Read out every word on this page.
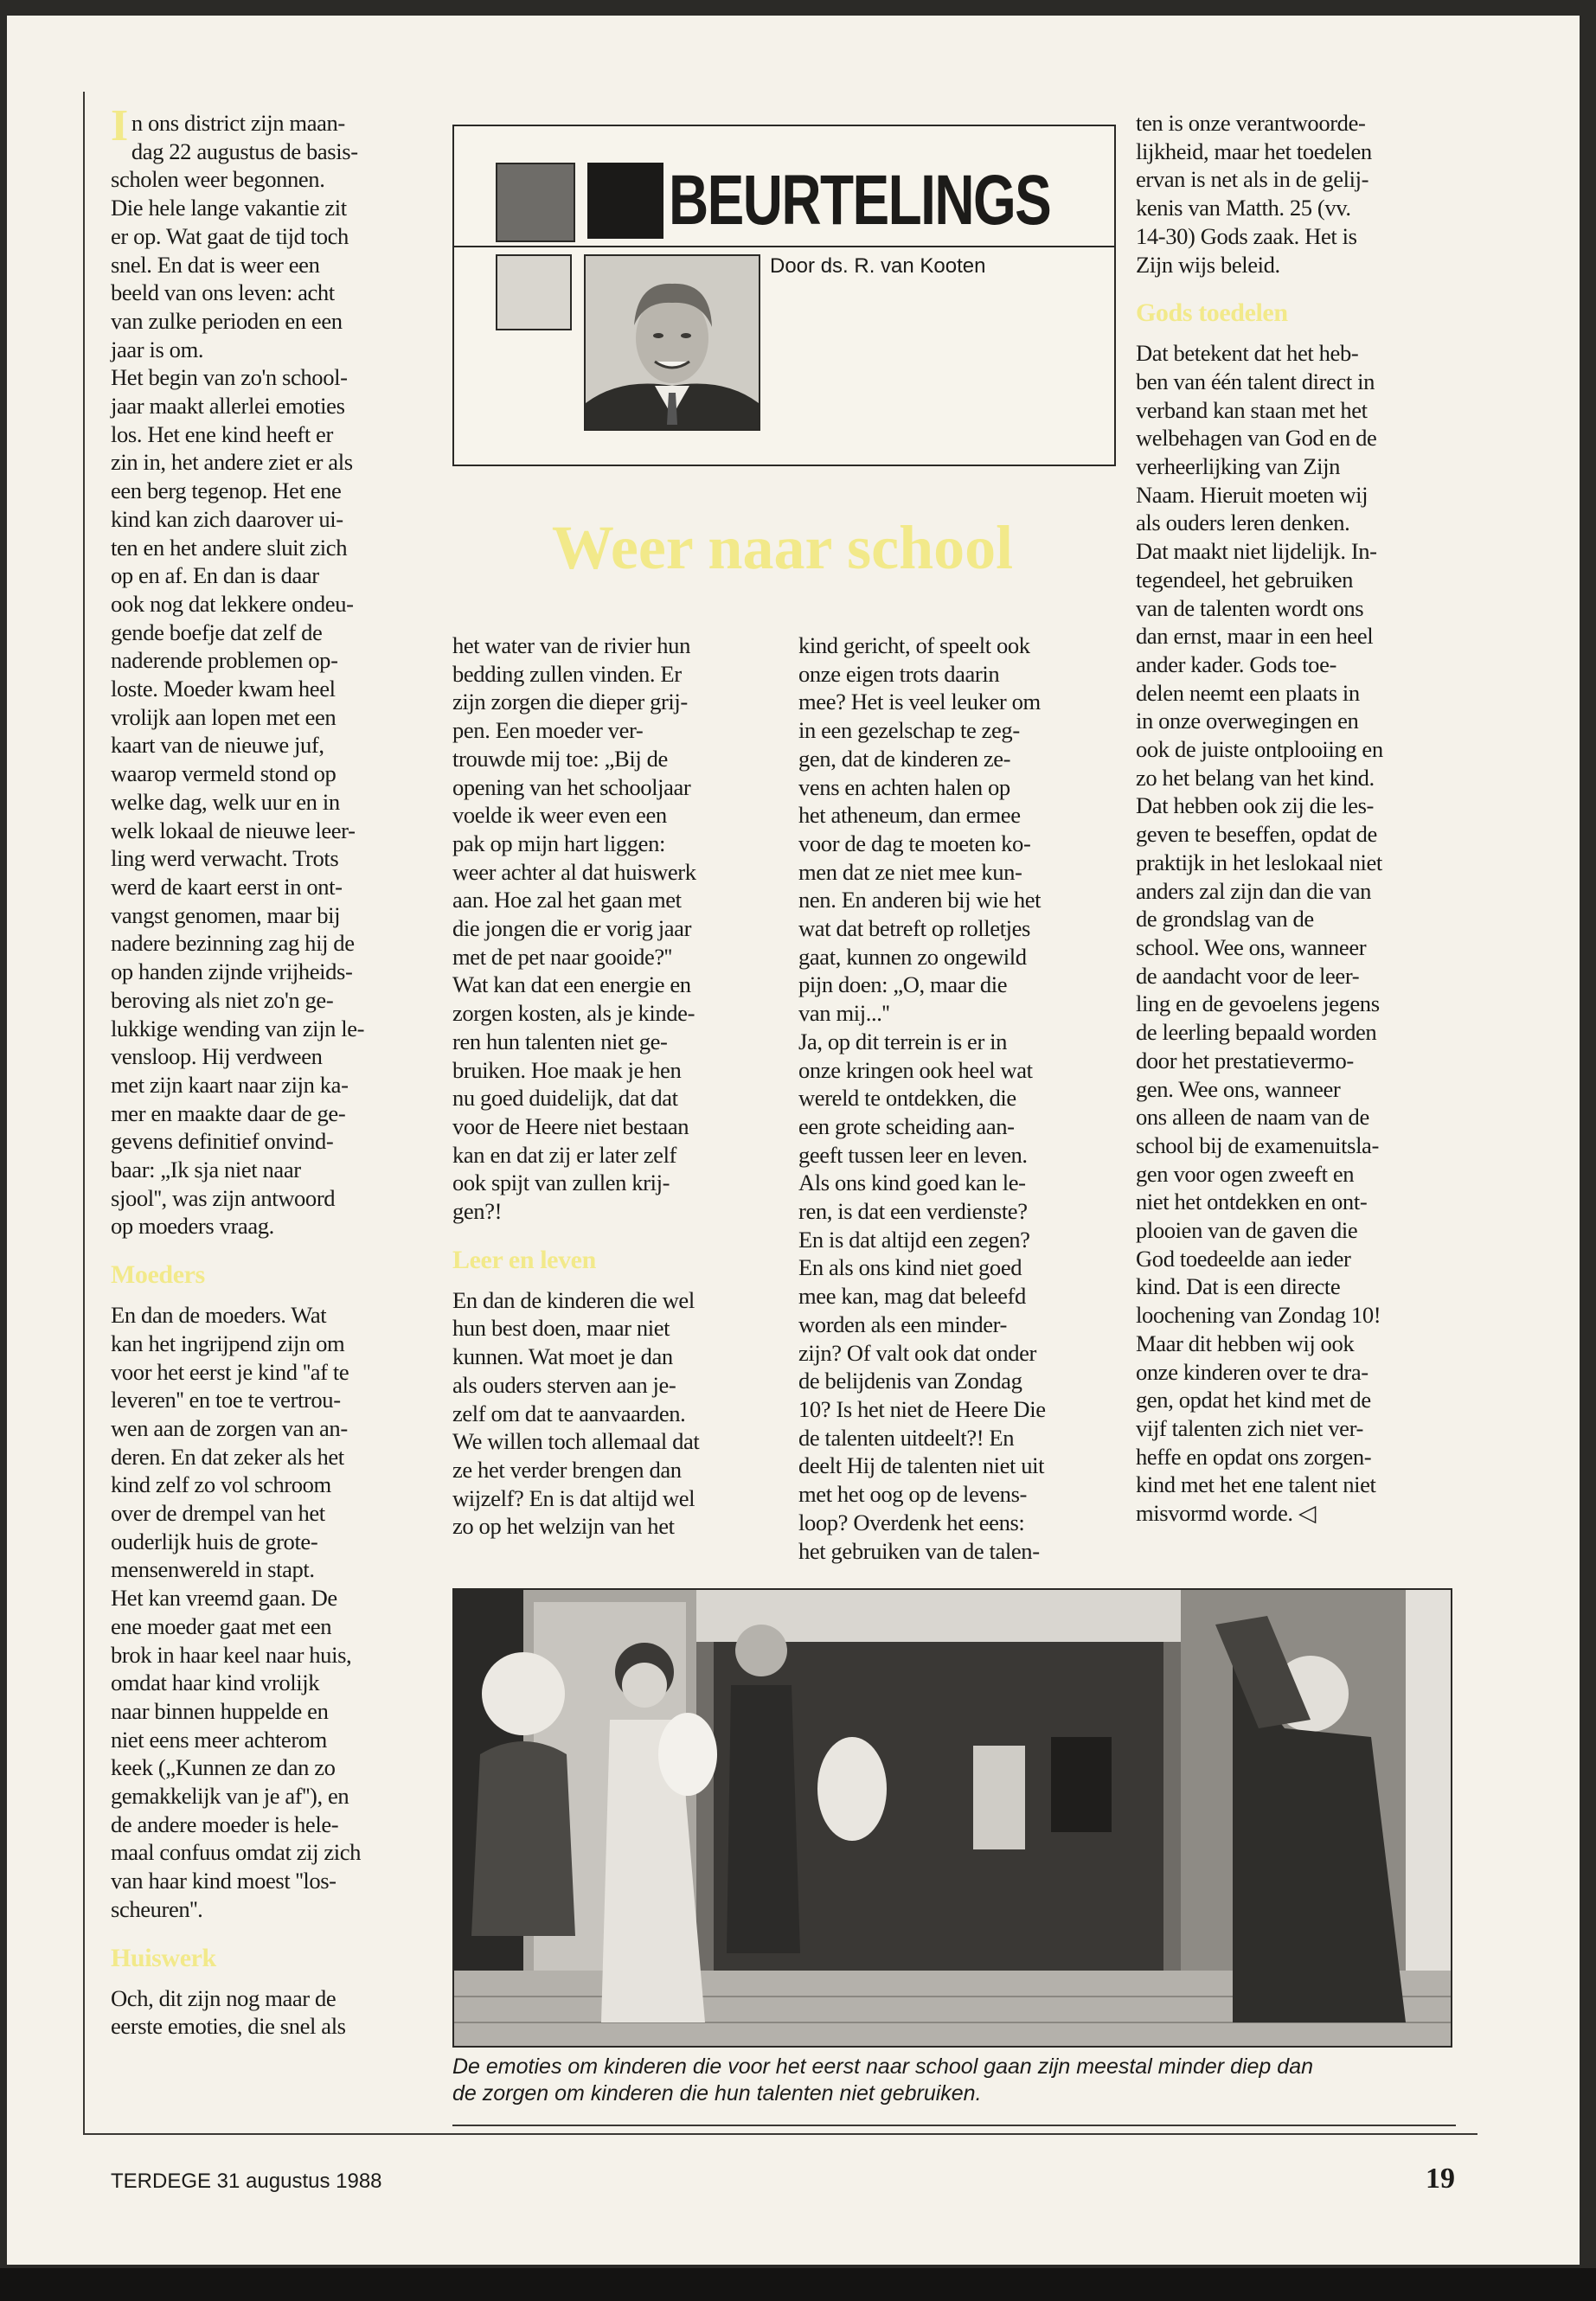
In ons district zijn maan-
dag 22 augustus de basis-
scholen weer begonnen.
Die hele lange vakantie zit
er op. Wat gaat de tijd toch
snel. En dat is weer een
beeld van ons leven: acht
van zulke perioden en een
jaar is om.
Het begin van zo'n school-
jaar maakt allerlei emoties
los. Het ene kind heeft er
zin in, het andere ziet er als
een berg tegenop. Het ene
kind kan zich daarover ui-
ten en het andere sluit zich
op en af. En dan is daar
ook nog dat lekkere ondeu-
gende boefje dat zelf de
naderende problemen op-
loste. Moeder kwam heel
vrolijk aan lopen met een
kaart van de nieuwe juf,
waarop vermeld stond op
welke dag, welk uur en in
welk lokaal de nieuwe leer-
ling werd verwacht. Trots
werd de kaart eerst in ont-
vangst genomen, maar bij
nadere bezinning zag hij de
op handen zijnde vrijheids-
beroving als niet zo'n ge-
lukkige wending van zijn le-
vensloop. Hij verdween
met zijn kaart naar zijn ka-
mer en maakte daar de ge-
gevens definitief onvind-
baar: „Ik sja niet naar
sjool'', was zijn antwoord
op moeders vraag.

Moeders

En dan de moeders. Wat
kan het ingrijpend zijn om
voor het eerst je kind ''af te
leveren'' en toe te vertrou-
wen aan de zorgen van an-
deren. En dat zeker als het
kind zelf zo vol schroom
over de drempel van het
ouderlijk huis de grote-
mensenwereld in stapt.
Het kan vreemd gaan. De
ene moeder gaat met een
brok in haar keel naar huis,
omdat haar kind vrolijk
naar binnen huppelde en
niet eens meer achterom
keek („Kunnen ze dan zo
gemakkelijk van je af''), en
de andere moeder is hele-
maal confuus omdat zij zich
van haar kind moest ''los-
scheuren''.

Huiswerk

Och, dit zijn nog maar de
eerste emoties, die snel als

BEURTELINGS
Door ds. R. van Kooten
Weer naar school

het water van de rivier hun
bedding zullen vinden. Er
zijn zorgen die dieper grij-
pen. Een moeder ver-
trouwde mij toe: „Bij de
opening van het schooljaar
voelde ik weer even een
pak op mijn hart liggen:
weer achter al dat huiswerk
aan. Hoe zal het gaan met
die jongen die er vorig jaar
met de pet naar gooide?''
Wat kan dat een energie en
zorgen kosten, als je kinde-
ren hun talenten niet ge-
bruiken. Hoe maak je hen
nu goed duidelijk, dat dat
voor de Heere niet bestaan
kan en dat zij er later zelf
ook spijt van zullen krij-
gen?!

Leer en leven

En dan de kinderen die wel
hun best doen, maar niet
kunnen. Wat moet je dan
als ouders sterven aan je-
zelf om dat te aanvaarden.
We willen toch allemaal dat
ze het verder brengen dan
wijzelf? En is dat altijd wel
zo op het welzijn van het

kind gericht, of speelt ook
onze eigen trots daarin
mee? Het is veel leuker om
in een gezelschap te zeg-
gen, dat de kinderen ze-
vens en achten halen op
het atheneum, dan ermee
voor de dag te moeten ko-
men dat ze niet mee kun-
nen. En anderen bij wie het
wat dat betreft op rolletjes
gaat, kunnen zo ongewild
pijn doen: „O, maar die
van mij...''
Ja, op dit terrein is er in
onze kringen ook heel wat
wereld te ontdekken, die
een grote scheiding aan-
geeft tussen leer en leven.
Als ons kind goed kan le-
ren, is dat een verdienste?
En is dat altijd een zegen?
En als ons kind niet goed
mee kan, mag dat beleefd
worden als een minder-
zijn? Of valt ook dat onder
de belijdenis van Zondag
10? Is het niet de Heere Die
de talenten uitdeelt?! En
deelt Hij de talenten niet uit
met het oog op de levens-
loop? Overdenk het eens:
het gebruiken van de talen-

ten is onze verantwoorde-
lijkheid, maar het toedelen
ervan is net als in de gelij-
kenis van Matth. 25 (vv.
14-30) Gods zaak. Het is
Zijn wijs beleid.

Gods toedelen

Dat betekent dat het heb-
ben van één talent direct in
verband kan staan met het
welbehagen van God en de
verheerlijking van Zijn
Naam. Hieruit moeten wij
als ouders leren denken.
Dat maakt niet lijdelijk. In-
tegendeel, het gebruiken
van de talenten wordt ons
dan ernst, maar in een heel
ander kader. Gods toe-
delen neemt een plaats in
in onze overwegingen en
ook de juiste ontplooiing en
zo het belang van het kind.
Dat hebben ook zij die les-
geven te beseffen, opdat de
praktijk in het leslokaal niet
anders zal zijn dan die van
de grondslag van de
school. Wee ons, wanneer
de aandacht voor de leer-
ling en de gevoelens jegens
de leerling bepaald worden
door het prestatievermo-
gen. Wee ons, wanneer
ons alleen de naam van de
school bij de examenuitsla-
gen voor ogen zweeft en
niet het ontdekken en ont-
plooien van de gaven die
God toedeelde aan ieder
kind. Dat is een directe
loochening van Zondag 10!
Maar dit hebben wij ook
onze kinderen over te dra-
gen, opdat het kind met de
vijf talenten zich niet ver-
heffe en opdat ons zorgen-
kind met het ene talent niet
misvormd worde. ◁

De emoties om kinderen die voor het eerst naar school gaan zijn meestal minder diep dan
de zorgen om kinderen die hun talenten niet gebruiken.
TERDEGE 31 augustus 1988	19
